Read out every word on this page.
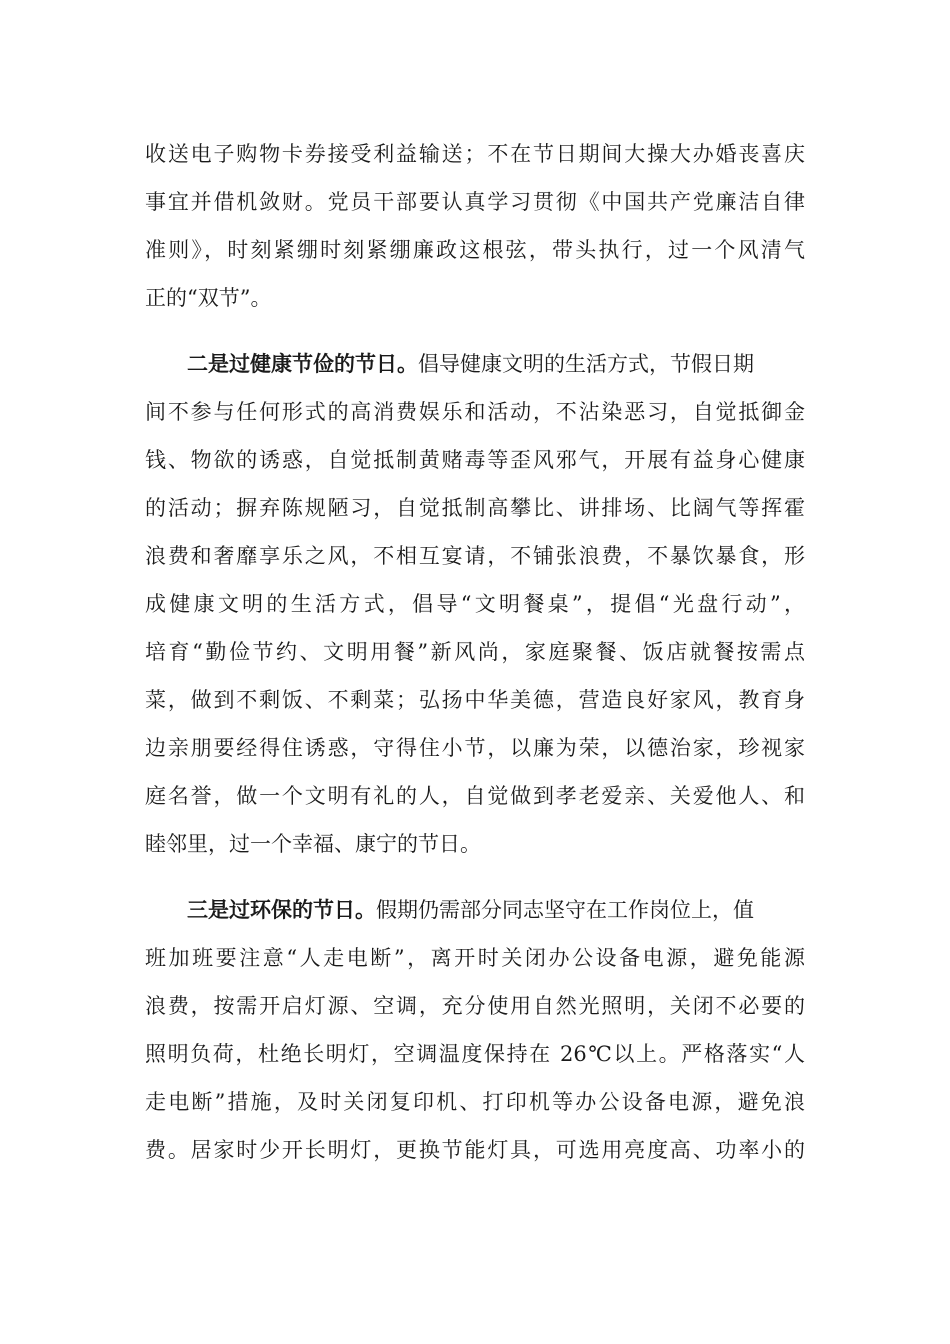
收送电子购物卡券接受利益输送；不在节日期间大操大办婚丧喜庆
事宜并借机敛财。党员干部要认真学习贯彻《中国共产党廉洁自律
准则》，时刻紧绷时刻紧绷廉政这根弦，带头执行，过一个风清气
正的“双节”。
二是过健康节俭的节日。倡导健康文明的生活方式，节假日期
间不参与任何形式的高消费娱乐和活动，不沾染恶习，自觉抵御金
钱、物欲的诱惑，自觉抵制黄赌毒等歪风邪气，开展有益身心健康
的活动；摒弃陈规陋习，自觉抵制高攀比、讲排场、比阔气等挥霍
浪费和奢靡享乐之风，不相互宴请，不铺张浪费，不暴饮暴食，形
成健康文明的生活方式，倡导“文明餐桌”，提倡“光盘行动”，
培育“勤俭节约、文明用餐”新风尚，家庭聚餐、饭店就餐按需点
菜，做到不剩饭、不剩菜；弘扬中华美德，营造良好家风，教育身
边亲朋要经得住诱惑，守得住小节，以廉为荣，以德治家，珍视家
庭名誉，做一个文明有礼的人，自觉做到孝老爱亲、关爱他人、和
睦邻里，过一个幸福、康宁的节日。
三是过环保的节日。假期仍需部分同志坚守在工作岗位上，值
班加班要注意“人走电断”，离开时关闭办公设备电源，避免能源
浪费，按需开启灯源、空调，充分使用自然光照明，关闭不必要的
照明负荷，杜绝长明灯，空调温度保持在 26℃以上。严格落实“人
走电断”措施，及时关闭复印机、打印机等办公设备电源，避免浪
费。居家时少开长明灯，更换节能灯具，可选用亮度高、功率小的
